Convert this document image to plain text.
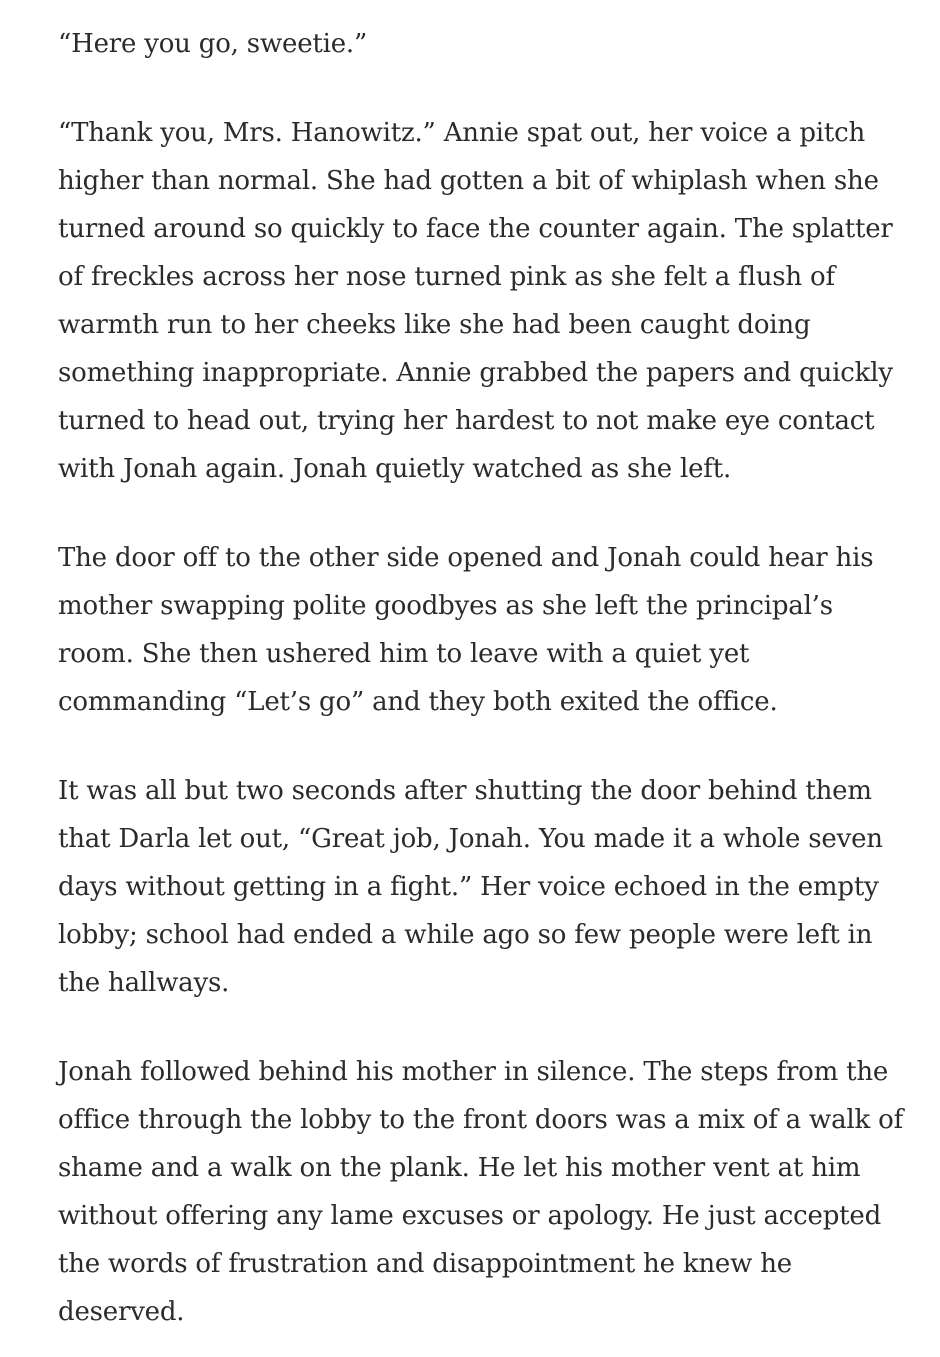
“Here you go, sweetie.”

“Thank you, Mrs. Hanowitz.” Annie spat out, her voice a pitch
higher than normal. She had gotten a bit of whiplash when she
turned around so quickly to face the counter again. The splatter
of freckles across her nose turned pink as she felt a flush of
warmth run to her cheeks like she had been caught doing
something inappropriate. Annie grabbed the papers and quickly
turned to head out, trying her hardest to not make eye contact
with Jonah again. Jonah quietly watched as she left.

The door off to the other side opened and Jonah could hear his
mother swapping polite goodbyes as she left the principal’s
room. She then ushered him to leave with a quiet yet
commanding “Let’s go” and they both exited the office.

It was all but two seconds after shutting the door behind them
that Darla let out, “Great job, Jonah. You made it a whole seven
days without getting in a fight.” Her voice echoed in the empty
lobby; school had ended a while ago so few people were left in
the hallways.

Jonah followed behind his mother in silence. The steps from the
office through the lobby to the front doors was a mix of a walk of
shame and a walk on the plank. He let his mother vent at him
without offering any lame excuses or apology. He just accepted
the words of frustration and disappointment he knew he
deserved.
